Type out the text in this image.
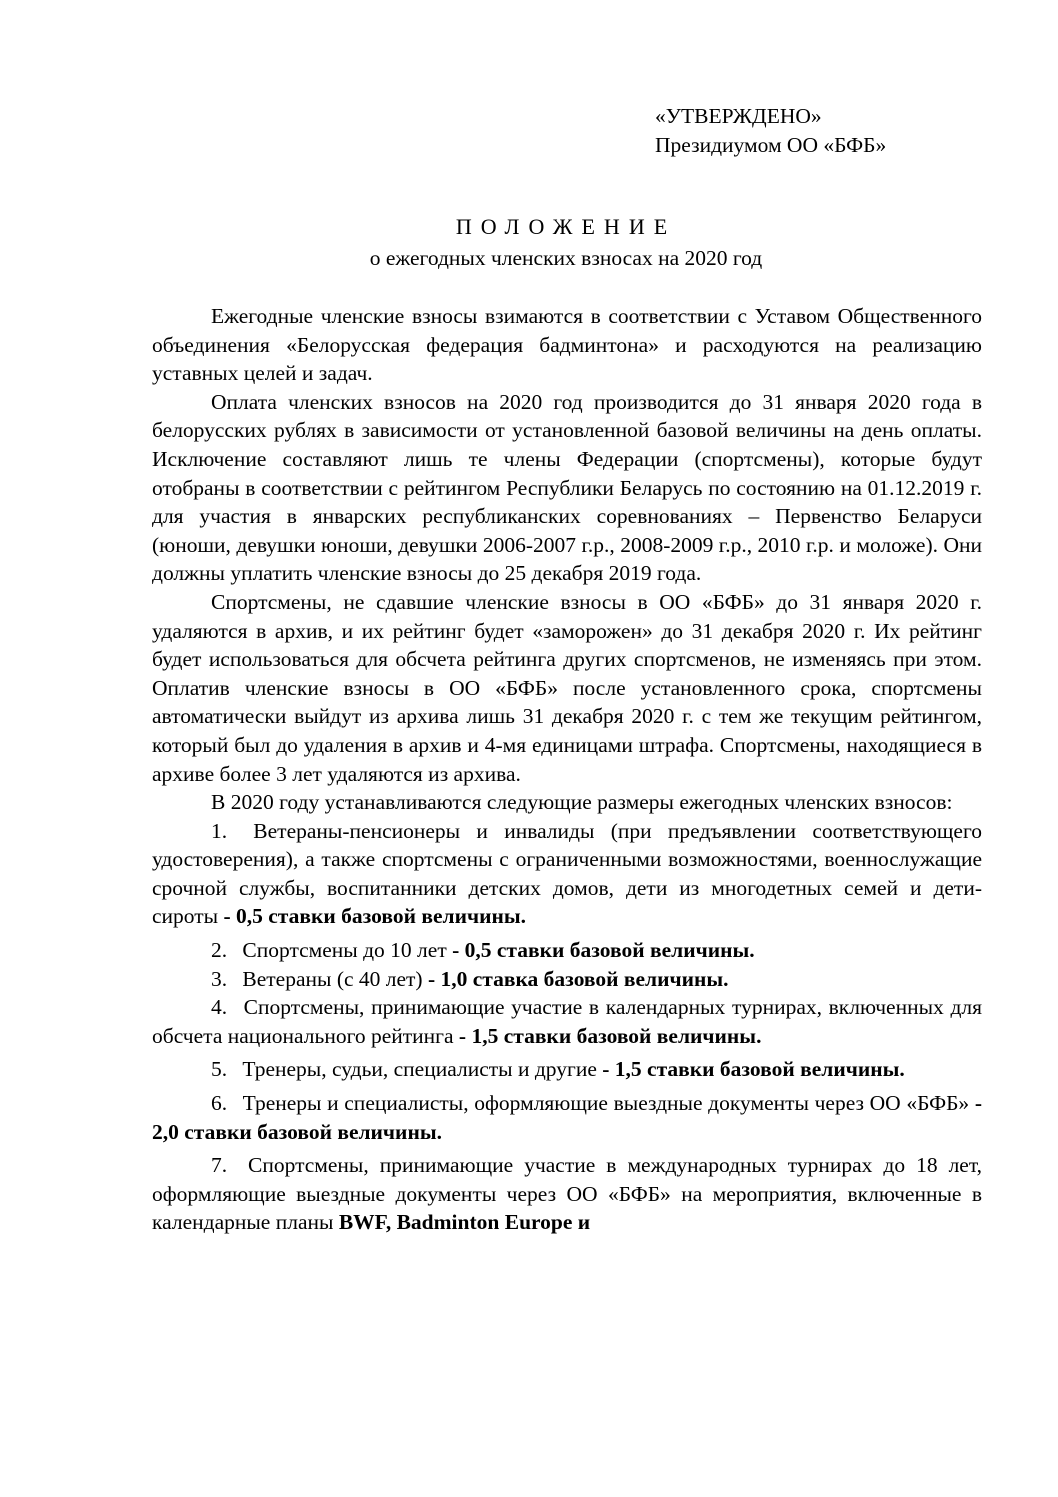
«УТВЕРЖДЕНО»
Президиумом ОО «БФБ»
ПОЛОЖЕНИЕ
о ежегодных членских взносах на 2020 год

Ежегодные членские взносы взимаются в соответствии с Уставом Общественного объединения «Белорусская федерация бадминтона» и расходуются на реализацию уставных целей и задач.

Оплата членских взносов на 2020 год производится до 31 января 2020 года в белорусских рублях в зависимости от установленной базовой величины на день оплаты. Исключение составляют лишь те члены Федерации (спортсмены), которые будут отобраны в соответствии с рейтингом Республики Беларусь по состоянию на 01.12.2019 г. для участия в январских республиканских соревнованиях – Первенство Беларуси (юноши, девушки юноши, девушки 2006-2007 г.р., 2008-2009 г.р., 2010 г.р. и моложе). Они должны уплатить членские взносы до 25 декабря 2019 года.

Спортсмены, не сдавшие членские взносы в ОО «БФБ» до 31 января 2020 г. удаляются в архив, и их рейтинг будет «заморожен» до 31 декабря 2020 г. Их рейтинг будет использоваться для обсчета рейтинга других спортсменов, не изменяясь при этом. Оплатив членские взносы в ОО «БФБ» после установленного срока, спортсмены автоматически выйдут из архива лишь 31 декабря 2020 г. с тем же текущим рейтингом, который был до удаления в архив и 4-мя единицами штрафа. Спортсмены, находящиеся в архиве более 3 лет удаляются из архива.

В 2020 году устанавливаются следующие размеры ежегодных членских взносов:

1. Ветераны-пенсионеры и инвалиды (при предъявлении соответствующего удостоверения), а также спортсмены с ограниченными возможностями, военнослужащие срочной службы, воспитанники детских домов, дети из многодетных семей и дети-сироты - 0,5 ставки базовой величины.

2. Спортсмены до 10 лет - 0,5 ставки базовой величины.

3. Ветераны (с 40 лет) - 1,0 ставка базовой величины.

4. Спортсмены, принимающие участие в календарных турнирах, включенных для обсчета национального рейтинга - 1,5 ставки базовой величины.

5. Тренеры, судьи, специалисты и другие - 1,5 ставки базовой величины.

6. Тренеры и специалисты, оформляющие выездные документы через ОО «БФБ» - 2,0 ставки базовой величины.

7. Спортсмены, принимающие участие в международных турнирах до 18 лет, оформляющие выездные документы через ОО «БФБ» на мероприятия, включенные в календарные планы BWF, Badminton Europe и
